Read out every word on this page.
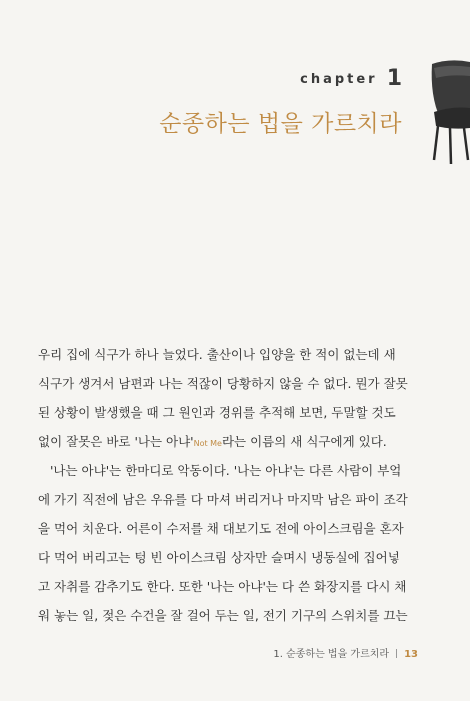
chapter 1
순종하는 법을 가르치라
우리 집에 식구가 하나 늘었다. 출산이나 입양을 한 적이 없는데 새
식구가 생겨서 남편과 나는 적잖이 당황하지 않을 수 없다. 뭔가 잘못
된 상황이 발생했을 때 그 원인과 경위를 추적해 보면, 두말할 것도
없이 잘못은 바로 '나는 아냐'Not Me라는 이름의 새 식구에게 있다.
'나는 아냐'는 한마디로 악동이다. '나는 아냐'는 다른 사람이 부엌
에 가기 직전에 남은 우유를 다 마셔 버리거나 마지막 남은 파이 조각
을 먹어 치운다. 어른이 수저를 채 대보기도 전에 아이스크림을 혼자
다 먹어 버리고는 텅 빈 아이스크림 상자만 슬며시 냉동실에 집어넣
고 자취를 감추기도 한다. 또한 '나는 아냐'는 다 쓴 화장지를 다시 채
워 놓는 일, 젖은 수건을 잘 걸어 두는 일, 전기 기구의 스위치를 끄는
1. 순종하는 법을 가르치라 13
